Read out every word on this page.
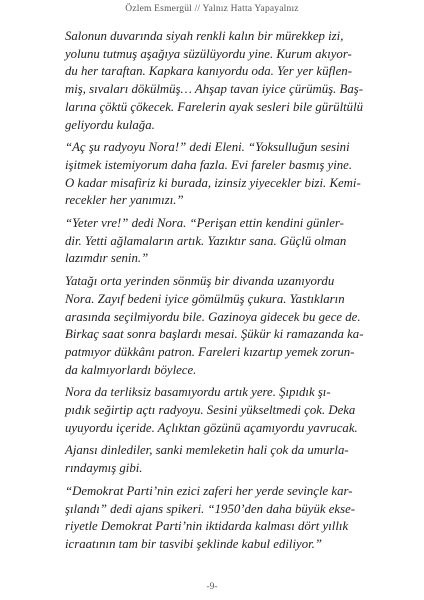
Özlem Esmergül // Yalnız Hatta Yapayalnız

Salonun duvarında siyah renkli kalın bir mürekkep izi,
yolunu tutmuş aşağıya süzülüyordu yine. Kurum akıyor-
du her taraftan. Kapkara kanıyordu oda. Yer yer küflen-
miş, sıvaları dökülmüş… Ahşap tavan iyice çürümüş. Baş-
larına çöktü çökecek. Farelerin ayak sesleri bile gürültülü
geliyordu kulağa.

“Aç şu radyoyu Nora!” dedi Eleni. “Yoksulluğun sesini
işitmek istemiyorum daha fazla. Evi fareler basmış yine.
O kadar misafiriz ki burada, izinsiz yiyecekler bizi. Kemi-
recekler her yanımızı.”

“Yeter vre!” dedi Nora. “Perişan ettin kendini günler-
dir. Yetti ağlamaların artık. Yazıktır sana. Güçlü olman
lazımdır senin.”

Yatağı orta yerinden sönmüş bir divanda uzanıyordu
Nora. Zayıf bedeni iyice gömülmüş çukura. Yastıkların
arasında seçilmiyordu bile. Gazinoya gidecek bu gece de.
Birkaç saat sonra başlardı mesai. Şükür ki ramazanda ka-
patmıyor dükkânı patron. Fareleri kızartıp yemek zorun-
da kalmıyorlardı böylece.

Nora da terliksiz basamıyordu artık yere. Şıpıdık şı-
pıdık seğirtip açtı radyoyu. Sesini yükseltmedi çok. Deka
uyuyordu içeride. Açlıktan gözünü açamıyordu yavrucak.

Ajansı dinlediler, sanki memleketin hali çok da umurla-
rındaymış gibi.

“Demokrat Parti’nin ezici zaferi her yerde sevinçle kar-
şılandı” dedi ajans spikeri. “1950’den daha büyük ekse-
riyetle Demokrat Parti’nin iktidarda kalması dört yıllık
icraatının tam bir tasvibi şeklinde kabul ediliyor.”

-9-
